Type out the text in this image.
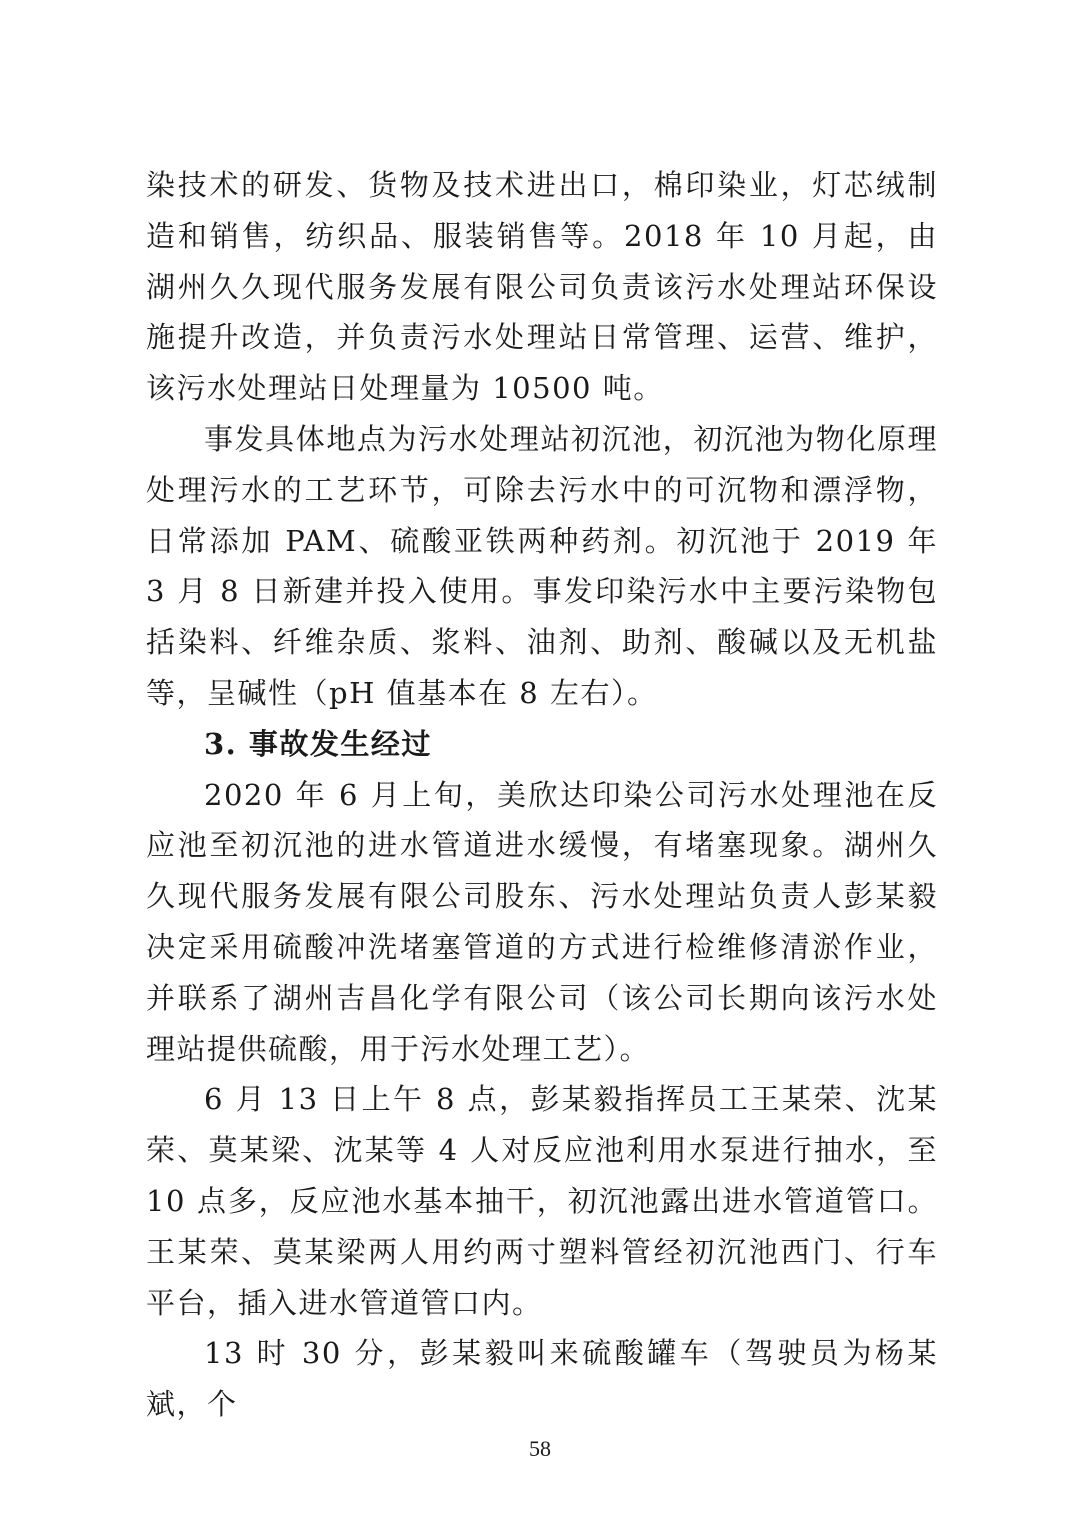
染技术的研发、货物及技术进出口，棉印染业，灯芯绒制造和销售，纺织品、服装销售等。2018 年 10 月起，由湖州久久现代服务发展有限公司负责该污水处理站环保设施提升改造，并负责污水处理站日常管理、运营、维护，该污水处理站日处理量为 10500 吨。

事发具体地点为污水处理站初沉池，初沉池为物化原理处理污水的工艺环节，可除去污水中的可沉物和漂浮物，日常添加 PAM、硫酸亚铁两种药剂。初沉池于 2019 年 3 月 8 日新建并投入使用。事发印染污水中主要污染物包括染料、纤维杂质、浆料、油剂、助剂、酸碱以及无机盐等，呈碱性（pH 值基本在 8 左右）。

3. 事故发生经过

2020 年 6 月上旬，美欣达印染公司污水处理池在反应池至初沉池的进水管道进水缓慢，有堵塞现象。湖州久久现代服务发展有限公司股东、污水处理站负责人彭某毅决定采用硫酸冲洗堵塞管道的方式进行检维修清淤作业，并联系了湖州吉昌化学有限公司（该公司长期向该污水处理站提供硫酸，用于污水处理工艺）。

6 月 13 日上午 8 点，彭某毅指挥员工王某荣、沈某荣、莫某梁、沈某等 4 人对反应池利用水泵进行抽水，至 10 点多，反应池水基本抽干，初沉池露出进水管道管口。王某荣、莫某梁两人用约两寸塑料管经初沉池西门、行车平台，插入进水管道管口内。

13 时 30 分，彭某毅叫来硫酸罐车（驾驶员为杨某斌，个

58
